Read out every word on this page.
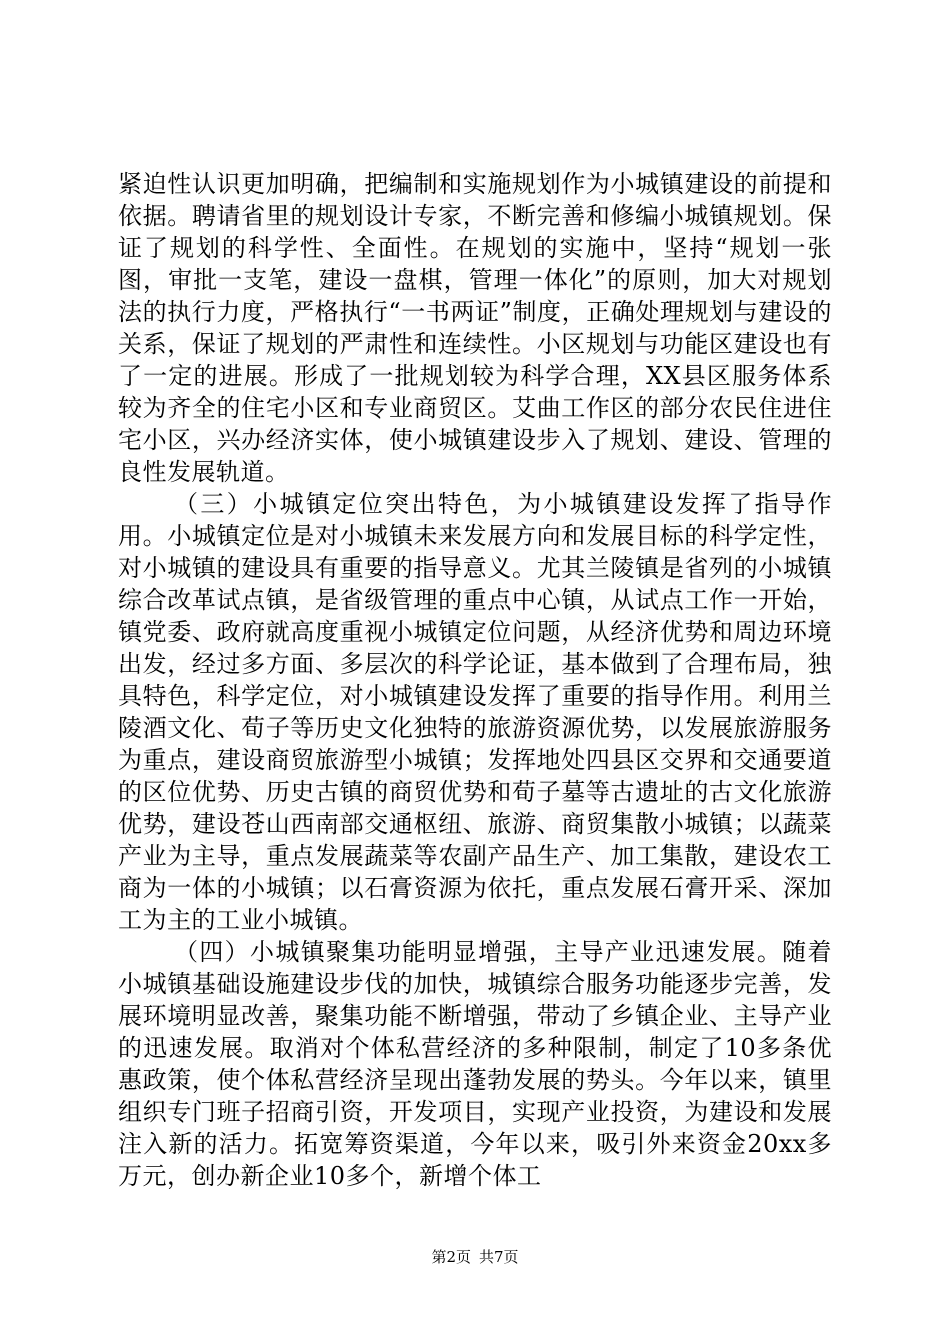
紧迫性认识更加明确，把编制和实施规划作为小城镇建设的前提和依据。聘请省里的规划设计专家，不断完善和修编小城镇规划。保证了规划的科学性、全面性。在规划的实施中，坚持“规划一张图，审批一支笔，建设一盘棋，管理一体化”的原则，加大对规划法的执行力度，严格执行“一书两证”制度，正确处理规划与建设的关系，保证了规划的严肃性和连续性。小区规划与功能区建设也有了一定的进展。形成了一批规划较为科学合理，XX县区服务体系较为齐全的住宅小区和专业商贸区。艾曲工作区的部分农民住进住宅小区，兴办经济实体，使小城镇建设步入了规划、建设、管理的良性发展轨道。

（三）小城镇定位突出特色，为小城镇建设发挥了指导作用。小城镇定位是对小城镇未来发展方向和发展目标的科学定性，对小城镇的建设具有重要的指导意义。尤其兰陵镇是省列的小城镇综合改革试点镇，是省级管理的重点中心镇，从试点工作一开始，镇党委、政府就高度重视小城镇定位问题，从经济优势和周边环境出发，经过多方面、多层次的科学论证，基本做到了合理布局，独具特色，科学定位，对小城镇建设发挥了重要的指导作用。利用兰陵酒文化、荀子等历史文化独特的旅游资源优势，以发展旅游服务为重点，建设商贸旅游型小城镇；发挥地处四县区交界和交通要道的区位优势、历史古镇的商贸优势和荀子墓等古遗址的古文化旅游优势，建设苍山西南部交通枢纽、旅游、商贸集散小城镇；以蔬菜产业为主导，重点发展蔬菜等农副产品生产、加工集散，建设农工商为一体的小城镇；以石膏资源为依托，重点发展石膏开采、深加工为主的工业小城镇。

（四）小城镇聚集功能明显增强，主导产业迅速发展。随着小城镇基础设施建设步伐的加快，城镇综合服务功能逐步完善，发展环境明显改善，聚集功能不断增强，带动了乡镇企业、主导产业的迅速发展。取消对个体私营经济的多种限制，制定了10多条优惠政策，使个体私营经济呈现出蓬勃发展的势头。今年以来，镇里组织专门班子招商引资，开发项目，实现产业投资，为建设和发展注入新的活力。拓宽筹资渠道，今年以来，吸引外来资金20xx多万元，创办新企业10多个，新增个体工

第2页 共7页
